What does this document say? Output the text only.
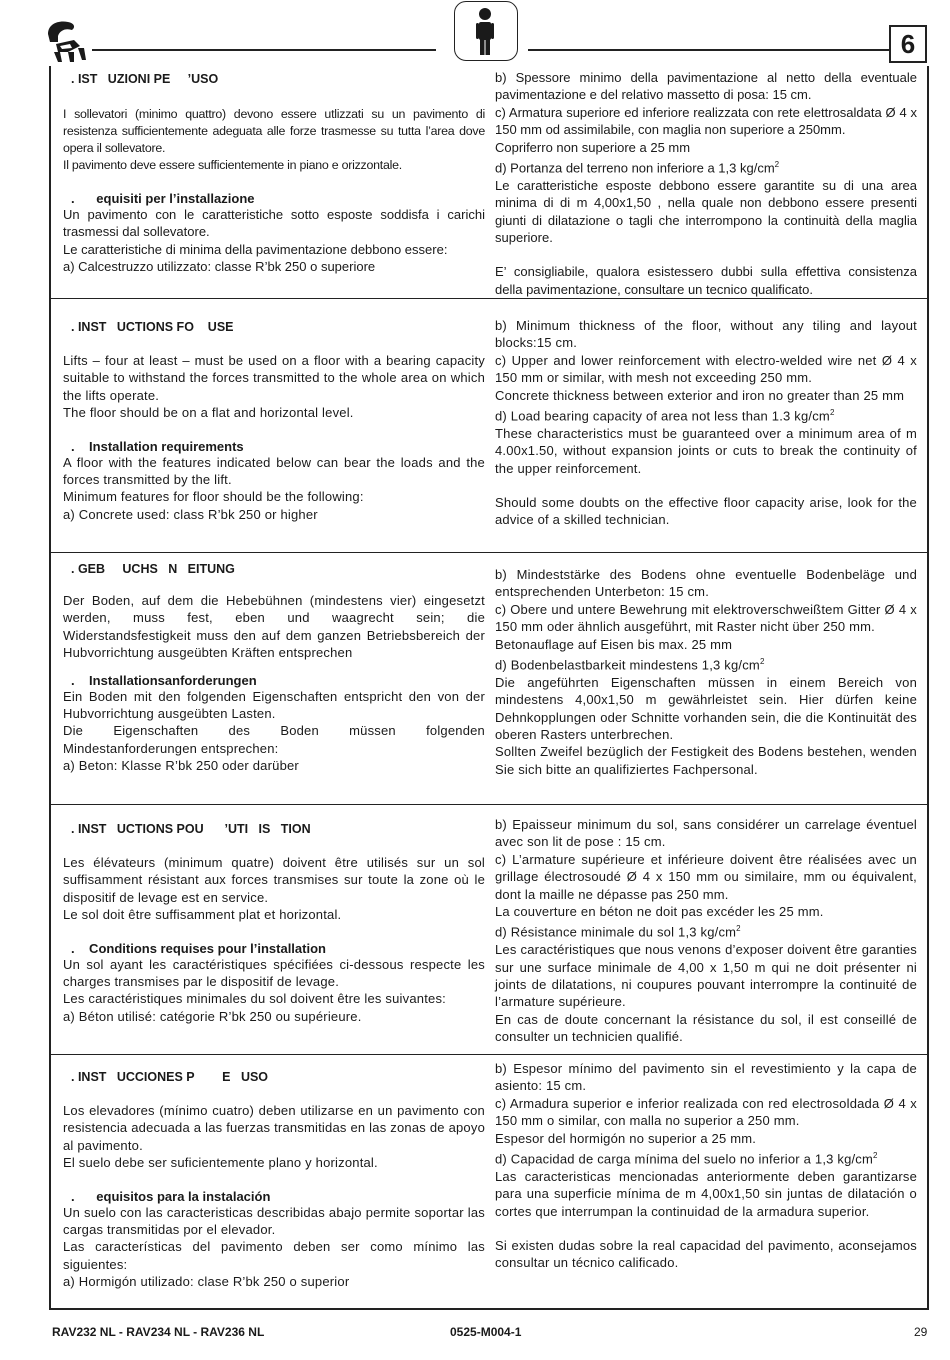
6

. IST   UZIONI PE     ’USO

I sollevatori (minimo quattro) devono essere utlizzati su un pavimento di resistenza sufficientemente adeguata alle forze trasmesse su tutta l’area dove opera il sollevatore.

Il pavimento deve essere sufficientemente in piano e orizzontale.

.      equisiti per l’installazione

Un pavimento con le caratteristiche sotto esposte soddisfa i carichi trasmessi dal sollevatore.

Le caratteristiche di minima della pavimentazione debbono essere:

a) Calcestruzzo utilizzato: classe R’bk 250 o superiore

b) Spessore minimo della pavimentazione al netto della eventuale pavimentazione e del relativo massetto di posa: 15 cm.

c) Armatura superiore ed inferiore realizzata con rete elettrosaldata Ø 4 x 150 mm od assimilabile, con maglia non superiore a 250mm.

Copriferro non superiore a 25 mm

d) Portanza del terreno non inferiore a 1,3 $kg/cm^2$

Le caratteristiche esposte debbono essere garantite su di una area minima di di m 4,00x1,50 , nella quale non debbono essere presenti giunti di dilatazione o tagli che interrompono la continuità della maglia superiore.

E’ consigliabile, qualora esistessero dubbi sulla effettiva consistenza della pavimentazione, consultare un tecnico qualificato.

. INST   UCTIONS FO    USE

Lifts – four at least – must be used on a floor with a bearing capacity suitable to withstand the forces transmitted to the whole area on which the lifts operate.

The floor should be on a flat and horizontal level.

.    Installation requirements

A floor with the features indicated below can bear the loads and the forces transmitted by the lift.

Minimum features for floor should be the following:

a) Concrete used: class R’bk 250 or higher

b) Minimum thickness of the floor, without any tiling and layout blocks:15 cm.

c) Upper and lower reinforcement with electro-welded wire net Ø 4 x 150 mm or similar, with mesh not exceeding 250 mm.

Concrete thickness between exterior and iron no greater than 25 mm

d) Load bearing capacity of area not less than 1.3 $kg/cm^2$

These characteristics must be guaranteed over a minimum area of m 4.00x1.50, without expansion joints or cuts to break the continuity of the upper reinforcement.

Should some doubts on the effective floor capacity arise, look for the advice of a skilled technician.

. GEB     UCHS   N   EITUNG

Der Boden, auf dem die Hebebühnen (mindestens vier) eingesetzt werden, muss fest, eben und waagrecht sein; die Widerstandsfestigkeit muss den auf dem ganzen Betriebsbereich der Hubvorrichtung ausgeübten Kräften entsprechen

.    Installationsanforderungen

Ein Boden mit den folgenden Eigenschaften entspricht den von der Hubvorrichtung ausgeübten Lasten.

Die Eigenschaften des Boden müssen folgenden Mindestanforderungen entsprechen:

a) Beton: Klasse R’bk 250 oder darüber

b) Mindeststärke des Bodens ohne eventuelle Bodenbeläge und entsprechenden Unterbeton: 15 cm.

c) Obere und untere Bewehrung mit elektroverschweißtem Gitter Ø 4 x 150 mm oder ähnlich ausgeführt, mit Raster nicht über 250 mm.

Betonauflage auf Eisen bis max. 25 mm

d) Bodenbelastbarkeit mindestens 1,3 $kg/cm^2$

Die angeführten Eigenschaften müssen in einem Bereich von mindestens 4,00x1,50 m gewährleistet sein. Hier dürfen keine Dehnkopplungen oder Schnitte vorhanden sein, die die Kontinuität des oberen Rasters unterbrechen.

Sollten Zweifel bezüglich der Festigkeit des Bodens bestehen, wenden Sie sich bitte an qualifiziertes Fachpersonal.

. INST   UCTIONS POU      ’UTI   IS   TION

Les élévateurs (minimum quatre) doivent être utilisés sur un sol suffisamment résistant aux forces transmises sur toute la zone où le dispositif de levage est en service.

Le sol doit être suffisamment plat et horizontal.

.    Conditions requises pour l’installation

Un sol ayant les caractéristiques spécifiées ci-dessous respecte les charges transmises par le dispositif de levage.

Les caractéristiques minimales du sol doivent être les suivantes:

a) Béton utilisé: catégorie R’bk 250 ou supérieure.

b) Epaisseur minimum du sol, sans considérer un carrelage éventuel avec son lit de pose : 15 cm.

c) L’armature supérieure et inférieure doivent être réalisées avec un grillage électrosoudé Ø 4 x 150 mm ou similaire, mm ou équivalent, dont la maille ne dépasse pas 250 mm.

La couverture en béton ne doit pas excéder les 25 mm.

d) Résistance minimale du sol 1,3 $kg/cm^2$

Les caractéristiques que nous venons d’exposer doivent être garanties sur une surface minimale de 4,00 x 1,50 m qui ne doit présenter ni joints de dilatations, ni coupures pouvant interrompre la continuité de l’armature supérieure.

En cas de doute concernant la résistance du sol, il est conseillé de consulter un technicien qualifié.

. INST   UCCIONES P        E   USO

Los elevadores (mínimo cuatro) deben utilizarse en un pavimento con resistencia adecuada a las fuerzas transmitidas en las zonas de apoyo al pavimento.

El suelo debe ser suficientemente plano y horizontal.

.      equisitos para la instalación

Un suelo con las caracteristicas describidas abajo permite soportar las cargas transmitidas por el elevador.

Las características del pavimento deben ser como mínimo las siguientes:

a) Hormigón utilizado: clase R’bk 250 o superior

b) Espesor mínimo del pavimento sin el revestimiento y la capa de asiento: 15 cm.

c) Armadura superior e inferior realizada con red electrosoldada Ø 4 x 150 mm o similar, con malla no superior a 250 mm.

Espesor del hormigón no superior a 25 mm.

d) Capacidad de carga mínima del suelo no inferior a 1,3 $kg/cm^2$

Las caracteristicas mencionadas anteriormente deben garantizarse para una superficie mínima de m 4,00x1,50 sin juntas de dilatación o cortes que interrumpan la continuidad de la armadura superior.

Si existen dudas sobre la real capacidad del pavimento, aconsejamos consultar un técnico calificado.

RAV232 NL - RAV234 NL - RAV236 NL	0525-M004-1	29
